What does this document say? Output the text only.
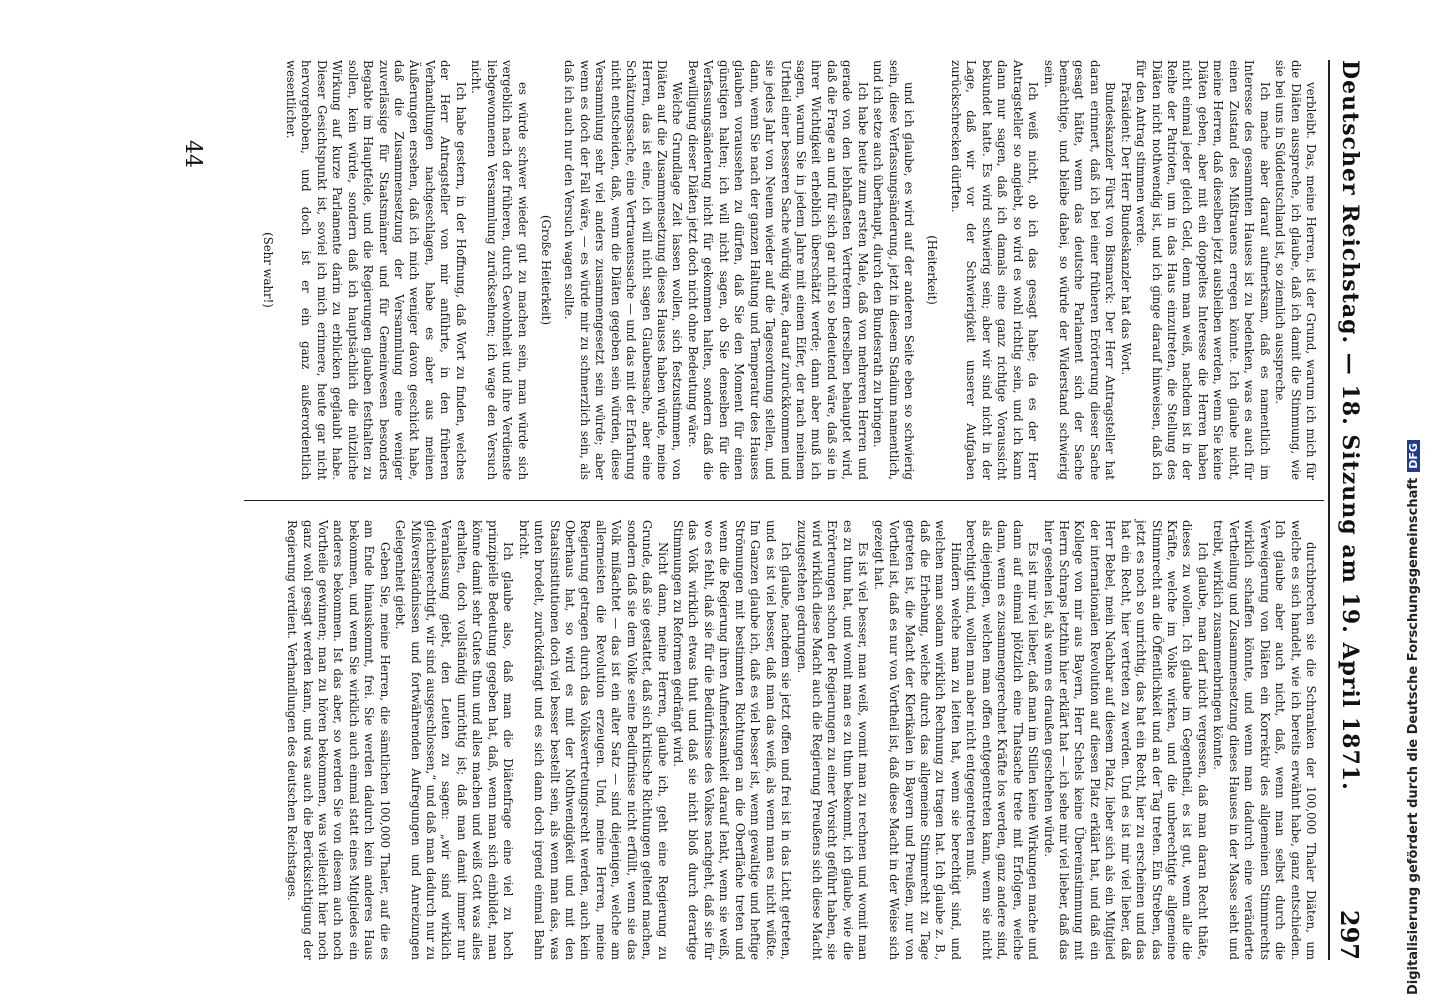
Deutscher Reichstag. — 18. Sitzung am 19. April 1871.
297

verbleibt. Das, meine Herren, ist der Grund, warum ich mich für die Diäten ausspreche, ich glaube, daß ich damit die Stimmung, wie sie bei uns in Süddeutschland ist, so ziemlich ausspreche.

Ich mache aber darauf aufmerksam, daß es namentlich im Interesse des gesammten Hauses ist zu bedenken, was es auch für einen Zustand des Mißtrauens erregen könnte. Ich glaube nicht, meine Herren, daß dieselben jetzt ausbleiben werden, wenn Sie keine Diäten geben, aber mit ein doppeltes Interesse die Herren haben nicht einmal jeder gleich Geld, denn man weiß, nachdem ist in der Reihe der Patrioten, um in das Haus einzutreten, die Stellung des Diäten nicht nothwendig ist, und ich ginge darauf hinweisen, daß ich für den Antrag stimmen werde.

Präsident: Der Herr Bundeskanzler hat das Wort.

Bundeskanzler Fürst von Bismarck: Der Herr Antragsteller hat daran erinnert, daß ich bei einer früheren Erörterung dieser Sache gesagt hätte, wenn das deutsche Parlament sich der Sache bemächtige, und bleibe dabei, so würde der Widerstand schwierig sein.

Ich weiß nicht, ob ich das gesagt habe; da es der Herr Antragsteller so angiebt, so wird es wohl richtig sein, und ich kann dann nur sagen, daß ich damals eine ganz richtige Voraussicht bekundet hatte. Es wird schwierig sein; aber wir sind nicht in der Lage, daß wir vor der Schwierigkeit unserer Aufgaben zurückschrecken dürften.

(Heiterkeit)

und ich glaube, es wird auf der anderen Seite eben so schwierig sein, diese Verfassungsänderung, jetzt in diesem Stadium namentlich, und ich setze auch überhaupt, durch den Bundesrath zu bringen.

Ich habe heute zum ersten Male, daß von mehreren Herren und gerade von den lebhaftesten Vertretern derselben behauptet wird, daß die Frage an und für sich gar nicht so bedeutend wäre, daß sie in ihrer Wichtigkeit erheblich überschätzt werde; dann aber muß ich sagen, warum Sie in jedem Jahre mit einem Eifer, der nach meinem Urtheil einer besseren Sache würdig wäre, darauf zurückkommen und sie jedes Jahr von Neuem wieder auf die Tagesordnung stellen, und dann, wenn Sie nach der ganzen Haltung und Temperatur des Hauses glauben voraussehen zu dürfen, daß Sie den Moment für einen günstigen halten; ich will nicht sagen, ob Sie denselben für die Verfassungsänderung nicht für gekommen halten, sondern daß die Bewilligung dieser Diäten jetzt doch nicht ohne Bedeutung wäre.

Welche Grundlage Zeit lassen wollen, sich festzustimmen, von Diäten auf die Zusammensetzung dieses Hauses haben würde, meine Herren, das ist eine, ich will nicht sagen Glaubensache, aber eine Schätzungssache, eine Vertrauenssache — und das mit der Erfahrung nicht entscheiden, daß, wenn die Diäten gegeben sein würden, diese Versammlung sehr viel anders zusammengesetzt sein würde; aber wenn es doch der Fall wäre, — es würde mir zu schmerzlich sein, als daß ich auch nur den Versuch wagen sollte.

(Große Heiterkeit)

es würde schwer wieder gut zu machen sein, man würde sich vergeblich nach der früheren, durch Gewohnheit und ihre Verdienste liebgewonnenen Versammlung zurücksehnen; ich wage den Versuch nicht.

Ich habe gestern, in der Hoffnung, daß Wort zu finden, welches der Herr Antragsteller von mir anführte, in den früheren Verhandlungen nachgeschlagen, habe es aber aus meinen Äußerungen ersehen, daß ich mich weniger davon geschickt habe, daß die Zusammensetzung der Versammlung eine weniger zuverlässige für Staatsmänner und für Gemeinwesen besonders Begabte im Hauptfelde, und die Regierungen glauben festhalten zu sollen, kein würde, sondern daß ich hauptsächlich die nützliche Wirkung auf kurze Parlamente darin zu erblicken geglaubt habe. Dieser Gesichtspunkt ist, soviel ich mich erinnere, heute gar nicht hervorgehoben, und doch ist er ein ganz außerordentlich wesentlicher.

(Sehr wahr!)

durchbrechen sie die Schranken der 100,000 Thaler Diäten, um welche es sich handelt, wie ich bereits erwähnt habe, ganz entschieden. Ich glaube aber auch nicht, daß, wenn man selbst durch die Verweigerung von Diäten ein Korrektiv des allgemeinen Stimmrechts wirklich schaffen könnte, und wenn man dadurch eine veränderte Vertheilung und Zusammensetzung dieses Hauses in der Masse sieht und treibt, wirklich zusammenbringen könnte.

Ich glaube, man darf nicht vergessen, daß man daran Recht thäte, dieses zu wollen. Ich glaube im Gegentheil, es ist gut, wenn alle die Kräfte, welche im Volke wirken, und die unberechtigte allgemeine Stimmrecht an die Öffentlichkeit und an der Tag treten. Ein Streben, das jetzt es noch so unrichtig, das hat ein Recht, hier zu erscheinen und das hat ein Recht, hier vertreten zu werden. Und es ist mir viel lieber, daß Herr Bebel, mein Nachbar auf diesem Platz, lieber sich als ein Mitglied der internationalen Revolution auf diesen Platz erklärt hat, und daß ein Kollege von mir aus Bayern, Herr Schels keine Übereinstimmung mit Herrn Schraps letzthin hier erklärt hat — ich sehe mir viel lieber, daß das hier gesehen ist, als wenn es draußen geschehen würde.

Es ist mir viel lieber, daß man im Stillen keine Wirkungen mache und dann auf einmal plötzlich eine Thatsache trete mit Erfolgen, welche dann, wenn es zusammengerechnet Kräfte los werden, ganz andere sind, als diejenigen, welchen man offen entgegentreten kann, wenn sie nicht berechtigt sind, wollen man aber nicht entgegentreten muß.

Hindern welche man zu leiten hat, wenn sie berechtigt sind, und welchen man sodann wirklich Rechnung zu tragen hat. Ich glaube z. B., daß die Erhebung, welche durch das allgemeine Stimmrecht zu Tage getreten ist, die Macht der Klerikalen in Bayern und Preußen, nur von Vortheil ist, daß es nur von Vortheil ist, daß diese Macht in der Weise sich gezeigt hat.

Es ist viel besser, man weiß, womit man zu rechnen und womit man es zu thun hat, und womit man es zu thun bekommt, ich glaube, wie die Erörterungen schon der Regierungen zu einer Vorsicht geführt haben, sie wird wirklich diese Macht auch die Regierung Preußens sich diese Macht zuzugestehen gedrungen.

Ich glaube, nachdem sie jetzt offen und frei ist in das Licht getreten, und es ist viel besser, daß man das weiß, als wenn man es nicht wüßte. Im Ganzen glaube ich, daß es viel besser ist, wenn gewaltige und heftige Strömungen mit bestimmten Richtungen an die Oberfläche treten und wenn die Regierung ihren Aufmerksamkeit darauf lenkt, wenn sie weiß, wo es fehlt, daß sie für die Bedürfnisse des Volkes nachgeht, daß sie für das Volk wirklich etwas thut und daß sie nicht bloß durch derartige Stimmungen zu Reformen gedrängt wird.

Nicht dann, meine Herren, glaube ich, geht eine Regierung zu Grunde, daß sie gestattet, daß sich kritische Richtungen geltend machen, sondern daß sie dem Volke seine Bedürfnisse nicht erfüllt, wenn sie das Volk mißachtet — das ist ein alter Satz — sind diejenigen, welche am allermeisten die Revolution erzeugen. Und, meine Herren, meine Regierung getragen durch das Volksvertretungsrecht werden, auch kein Oberhaus hat, so wird es mit der Nothwendigkeit und mit den Staatsinstitutionen doch viel besser bestellt sein, als wenn man das, was unten brodelt, zurückdrängt und es sich dann doch irgend einmal Bahn bricht.

Ich glaube also, daß man die Diätenfrage eine viel zu hoch prinzipielle Bedeutung gegeben hat, daß, wenn man sich einbildet, man könne damit sehr Gutes thun und alles machen und weiß Gott was alles erhalten, doch vollständig unrichtig ist; daß man damit immer nur Veranlassung giebt, den Leuten zu sagen: „wir sind wirklich gleichberechtigt, wir sind ausgeschlossen,“ und daß man dadurch nur zu Mißverständnissen und fortwährenden Aufregungen und Anreizungen Gelegenheit giebt.

Geben Sie, meine Herren, die sämtlichen 100,000 Thaler, auf die es am Ende hinauskommt, frei. Sie werden dadurch kein anderes Haus bekommen, und wenn Sie wirklich auch einmal statt eines Mitgliedes ein anderes bekommen. Ist das aber, so werden Sie von diesem auch noch Vortheile gewinnen; man zu hören bekommen, was vielleicht hier noch ganz wohl gesagt werden kann, und was auch die Berücksichtigung der Regierung verdient. Verhandlungen des deutschen Reichstages.

44
Digitalisierung gefördert durch die Deutsche ForschungsgemeinschaftDFG
